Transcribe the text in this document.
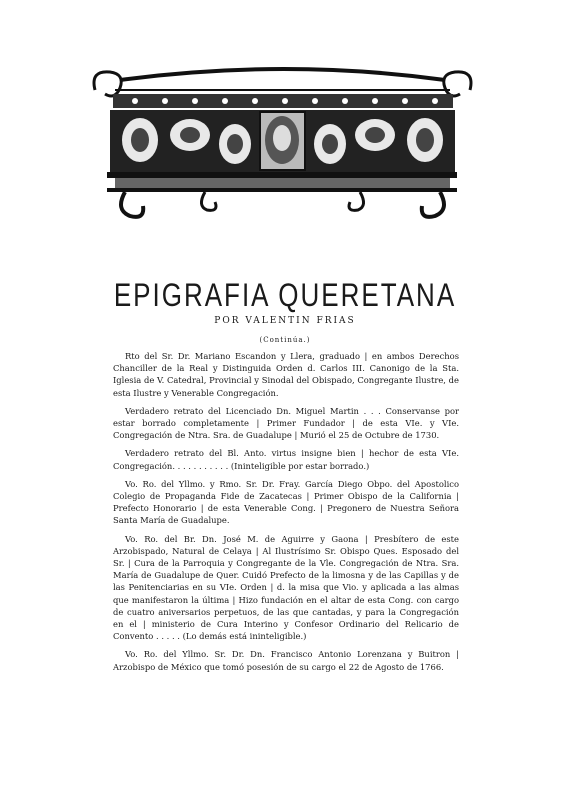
EPIGRAFIA QUERETANA
POR VALENTIN FRIAS
(Continúa.)

Rto del Sr. Dr. Mariano Escandon y Llera, graduado | en ambos Derechos Chanciller de la Real y Distinguida Orden d. Carlos III. Canonigo de la Sta. Iglesia de V. Catedral, Provincial y Sinodal del Obispado, Congregante Ilustre, de esta Ilustre y Venerable Congregación.

Verdadero retrato del Licenciado Dn. Miguel Martin . . . Conservanse por estar borrado completamente | Primer Fundador | de esta VIe. y VIe. Congregación de Ntra. Sra. de Guadalupe | Murió el 25 de Octubre de 1730.

Verdadero retrato del Bl. Anto. virtus insigne bien | hechor de esta VIe. Congregación. . . . . . . . . . . (Ininteligible por estar borrado.)

Vo. Ro. del Yllmo. y Rmo. Sr. Dr. Fray. García Diego Obpo. del Apostolico Colegio de Propaganda Fide de Zacatecas | Primer Obispo de la California | Prefecto Honorario | de esta Venerable Cong. | Pregonero de Nuestra Señora Santa María de Guadalupe.

Vo. Ro. del Br. Dn. José M. de Aguirre y Gaona | Presbítero de este Arzobispado, Natural de Celaya | Al Ilustrísimo Sr. Obispo Ques. Esposado del Sr. | Cura de la Parroquia y Congregante de la Vle. Congregación de Ntra. Sra. María de Guadalupe de Quer. Cuidó Prefecto de la limosna y de las Capillas y de las Penitenciarias en su VIe. Orden | d. la misa que Vio. y aplicada a las almas que manifestaron la última | Hizo fundación en el altar de esta Cong. con cargo de cuatro aniversarios perpetuos, de las que cantadas, y para la Congregación en el | ministerio de Cura Interino y Confesor Ordinario del Relicario de Convento . . . . . (Lo demás está ininteligible.)

Vo. Ro. del Yllmo. Sr. Dr. Dn. Francisco Antonio Lorenzana y Buitron | Arzobispo de México que tomó posesión de su cargo el 22 de Agosto de 1766.
